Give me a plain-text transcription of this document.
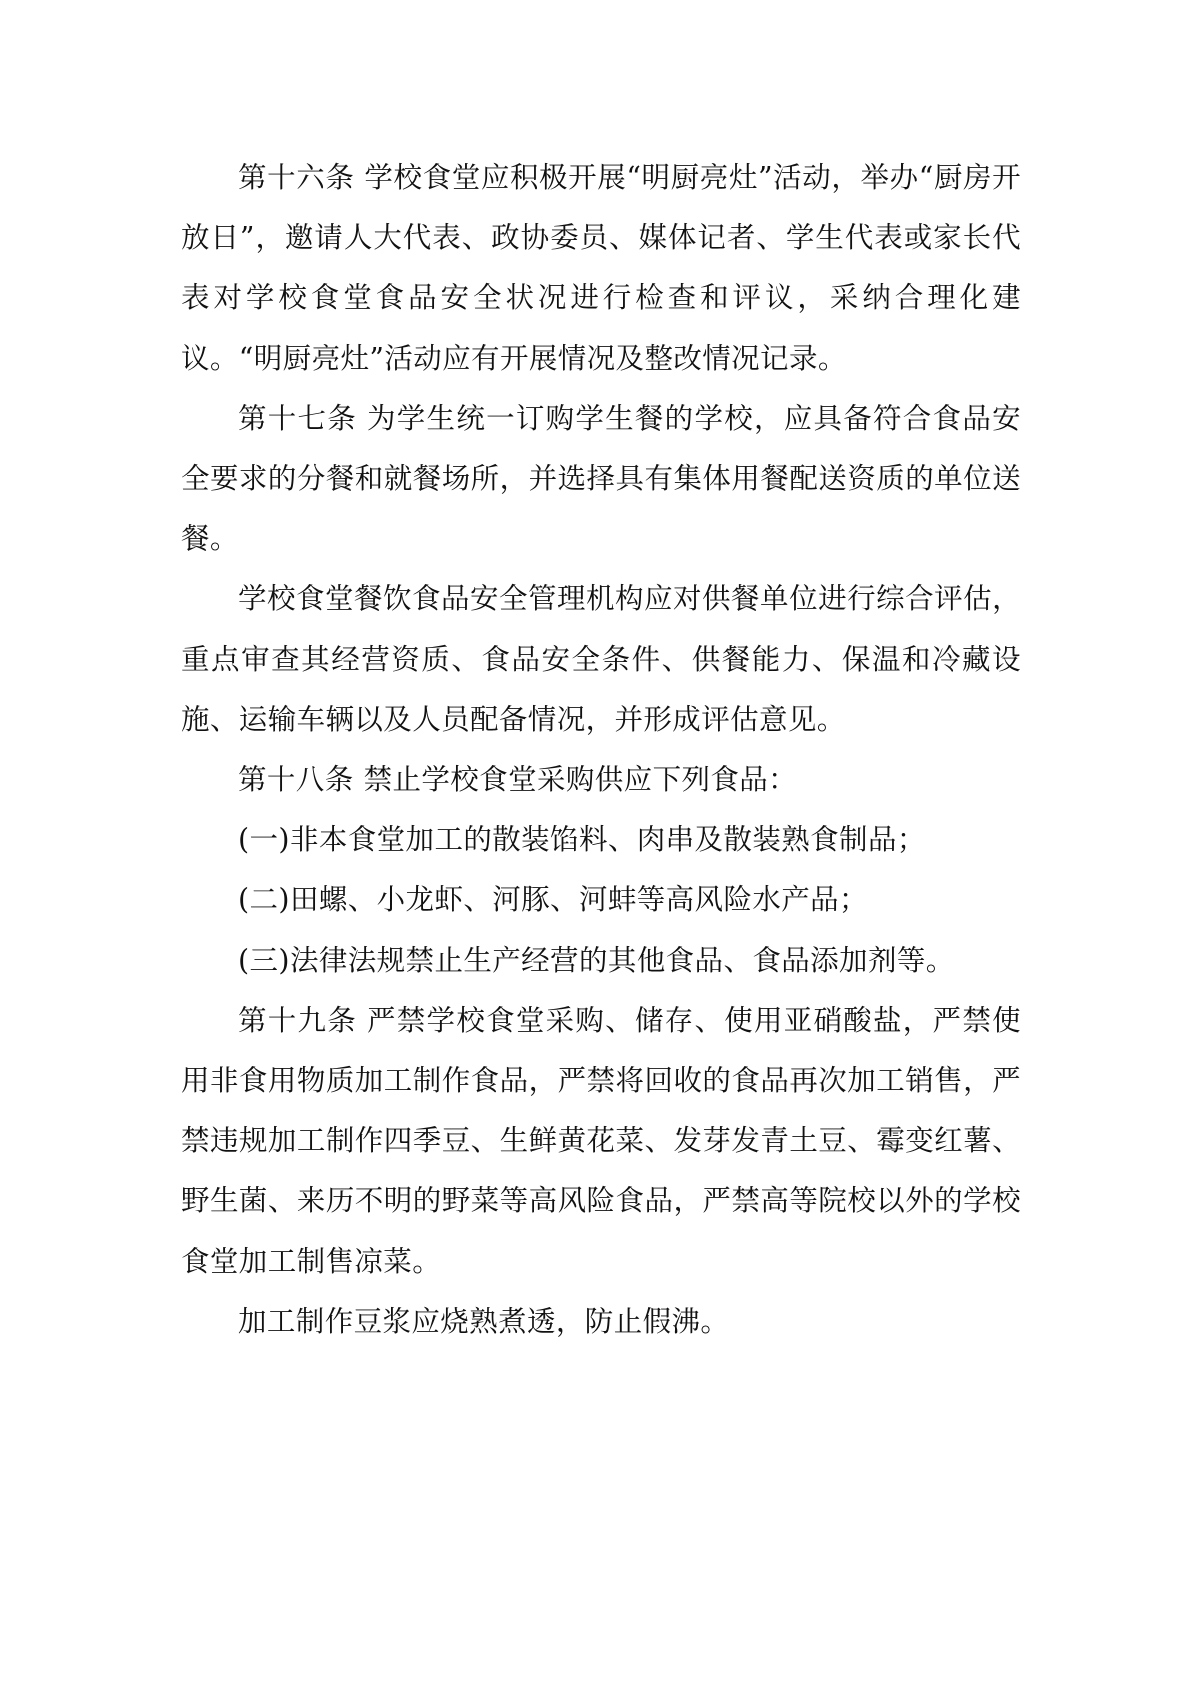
第十六条 学校食堂应积极开展“明厨亮灶”活动，举办“厨房开放日”，邀请人大代表、政协委员、媒体记者、学生代表或家长代表对学校食堂食品安全状况进行检查和评议，采纳合理化建议。“明厨亮灶”活动应有开展情况及整改情况记录。

第十七条 为学生统一订购学生餐的学校，应具备符合食品安全要求的分餐和就餐场所，并选择具有集体用餐配送资质的单位送餐。

学校食堂餐饮食品安全管理机构应对供餐单位进行综合评估，重点审查其经营资质、食品安全条件、供餐能力、保温和冷藏设施、运输车辆以及人员配备情况，并形成评估意见。

第十八条 禁止学校食堂采购供应下列食品：

(一)非本食堂加工的散装馅料、肉串及散装熟食制品；

(二)田螺、小龙虾、河豚、河蚌等高风险水产品；

(三)法律法规禁止生产经营的其他食品、食品添加剂等。

第十九条 严禁学校食堂采购、储存、使用亚硝酸盐，严禁使用非食用物质加工制作食品，严禁将回收的食品再次加工销售，严禁违规加工制作四季豆、生鲜黄花菜、发芽发青土豆、霉变红薯、野生菌、来历不明的野菜等高风险食品，严禁高等院校以外的学校食堂加工制售凉菜。

加工制作豆浆应烧熟煮透，防止假沸。
